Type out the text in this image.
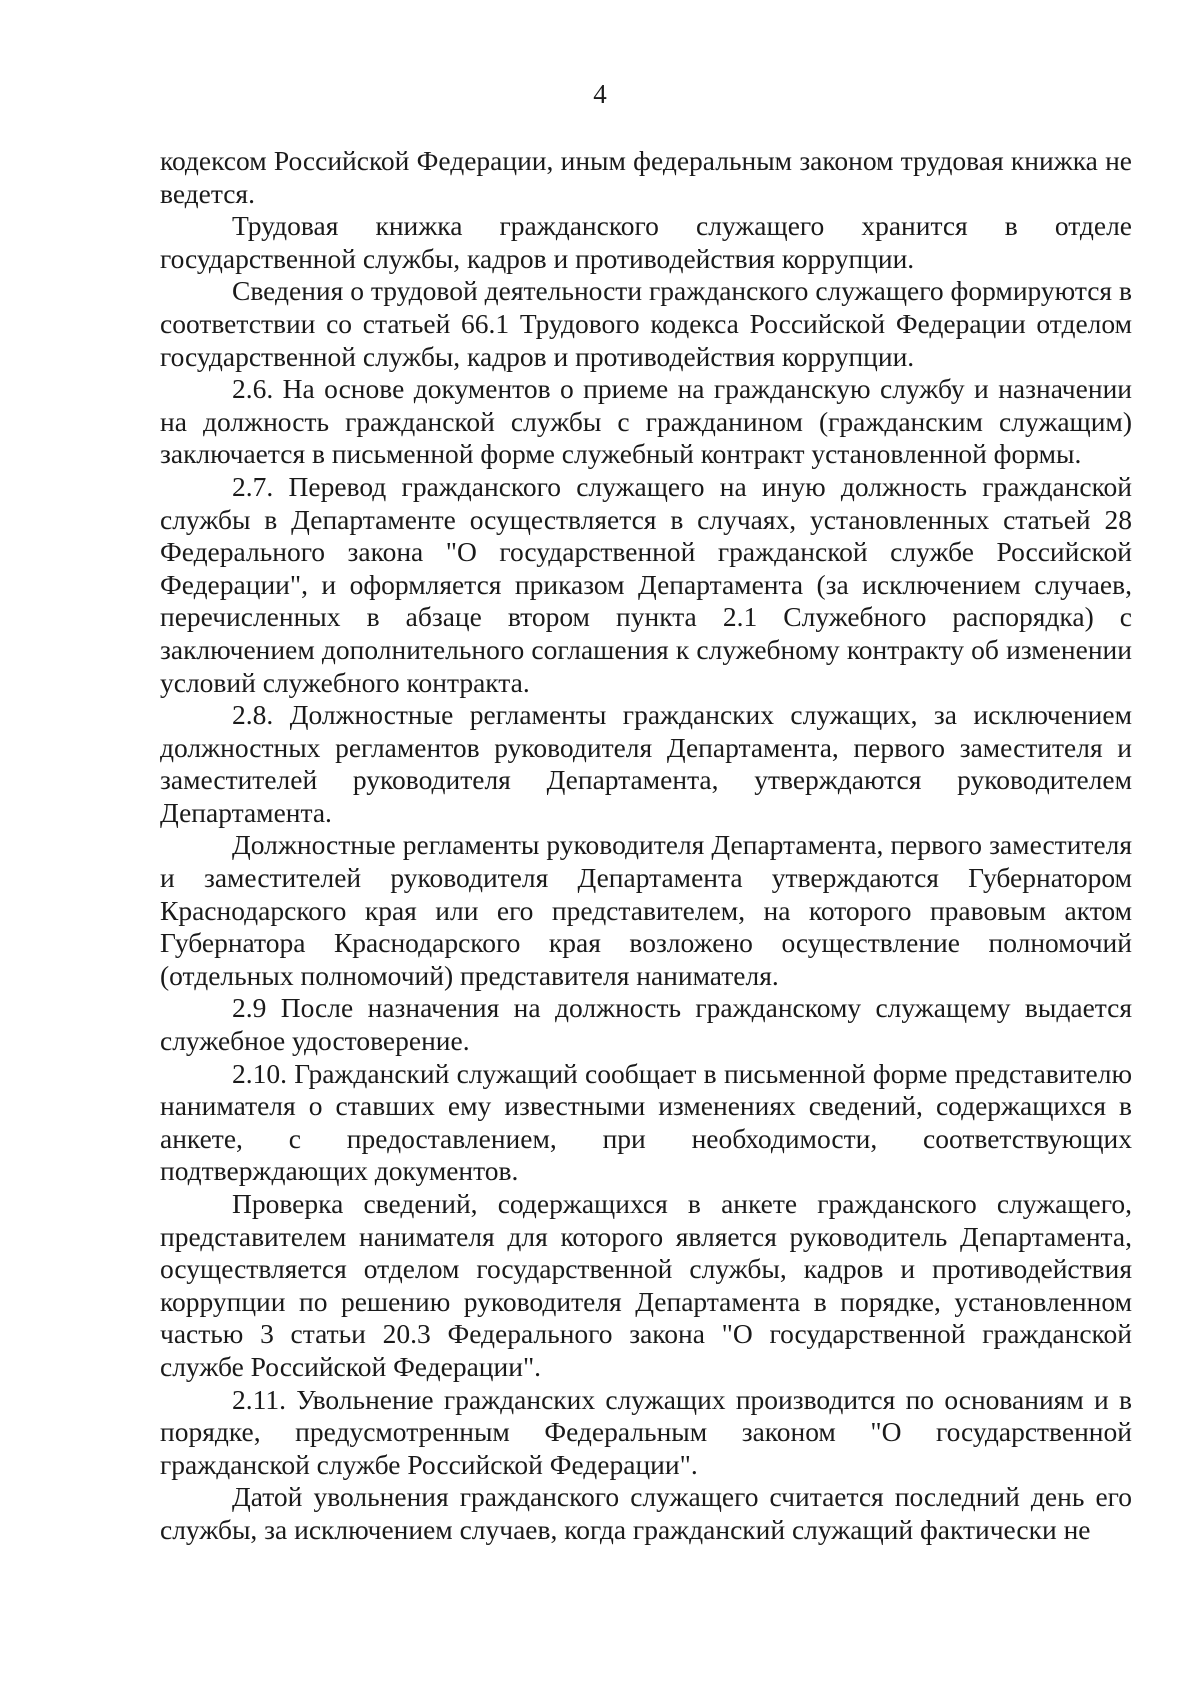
4

кодексом Российской Федерации, иным федеральным законом трудовая книжка не ведется.

Трудовая книжка гражданского служащего хранится в отделе государственной службы, кадров и противодействия коррупции.

Сведения о трудовой деятельности гражданского служащего формируются в соответствии со статьей 66.1 Трудового кодекса Российской Федерации отделом государственной службы, кадров и противодействия коррупции.

2.6. На основе документов о приеме на гражданскую службу и назначении на должность гражданской службы с гражданином (гражданским служащим) заключается в письменной форме служебный контракт установленной формы.

2.7. Перевод гражданского служащего на иную должность гражданской службы в Департаменте осуществляется в случаях, установленных статьей 28 Федерального закона "О государственной гражданской службе Российской Федерации", и оформляется приказом Департамента (за исключением случаев, перечисленных в абзаце втором пункта 2.1 Служебного распорядка) с заключением дополнительного соглашения к служебному контракту об изменении условий служебного контракта.

2.8. Должностные регламенты гражданских служащих, за исключением должностных регламентов руководителя Департамента, первого заместителя и заместителей руководителя Департамента, утверждаются руководителем Департамента.

Должностные регламенты руководителя Департамента, первого заместителя и заместителей руководителя Департамента утверждаются Губернатором Краснодарского края или его представителем, на которого правовым актом Губернатора Краснодарского края возложено осуществление полномочий (отдельных полномочий) представителя нанимателя.

2.9 После назначения на должность гражданскому служащему выдается служебное удостоверение.

2.10. Гражданский служащий сообщает в письменной форме представителю нанимателя о ставших ему известными изменениях сведений, содержащихся в анкете, с предоставлением, при необходимости, соответствующих подтверждающих документов.

Проверка сведений, содержащихся в анкете гражданского служащего, представителем нанимателя для которого является руководитель Департамента, осуществляется отделом государственной службы, кадров и противодействия коррупции по решению руководителя Департамента в порядке, установленном частью 3 статьи 20.3 Федерального закона "О государственной гражданской службе Российской Федерации".

2.11. Увольнение гражданских служащих производится по основаниям и в порядке, предусмотренным Федеральным законом "О государственной гражданской службе Российской Федерации".

Датой увольнения гражданского служащего считается последний день его службы, за исключением случаев, когда гражданский служащий фактически не
